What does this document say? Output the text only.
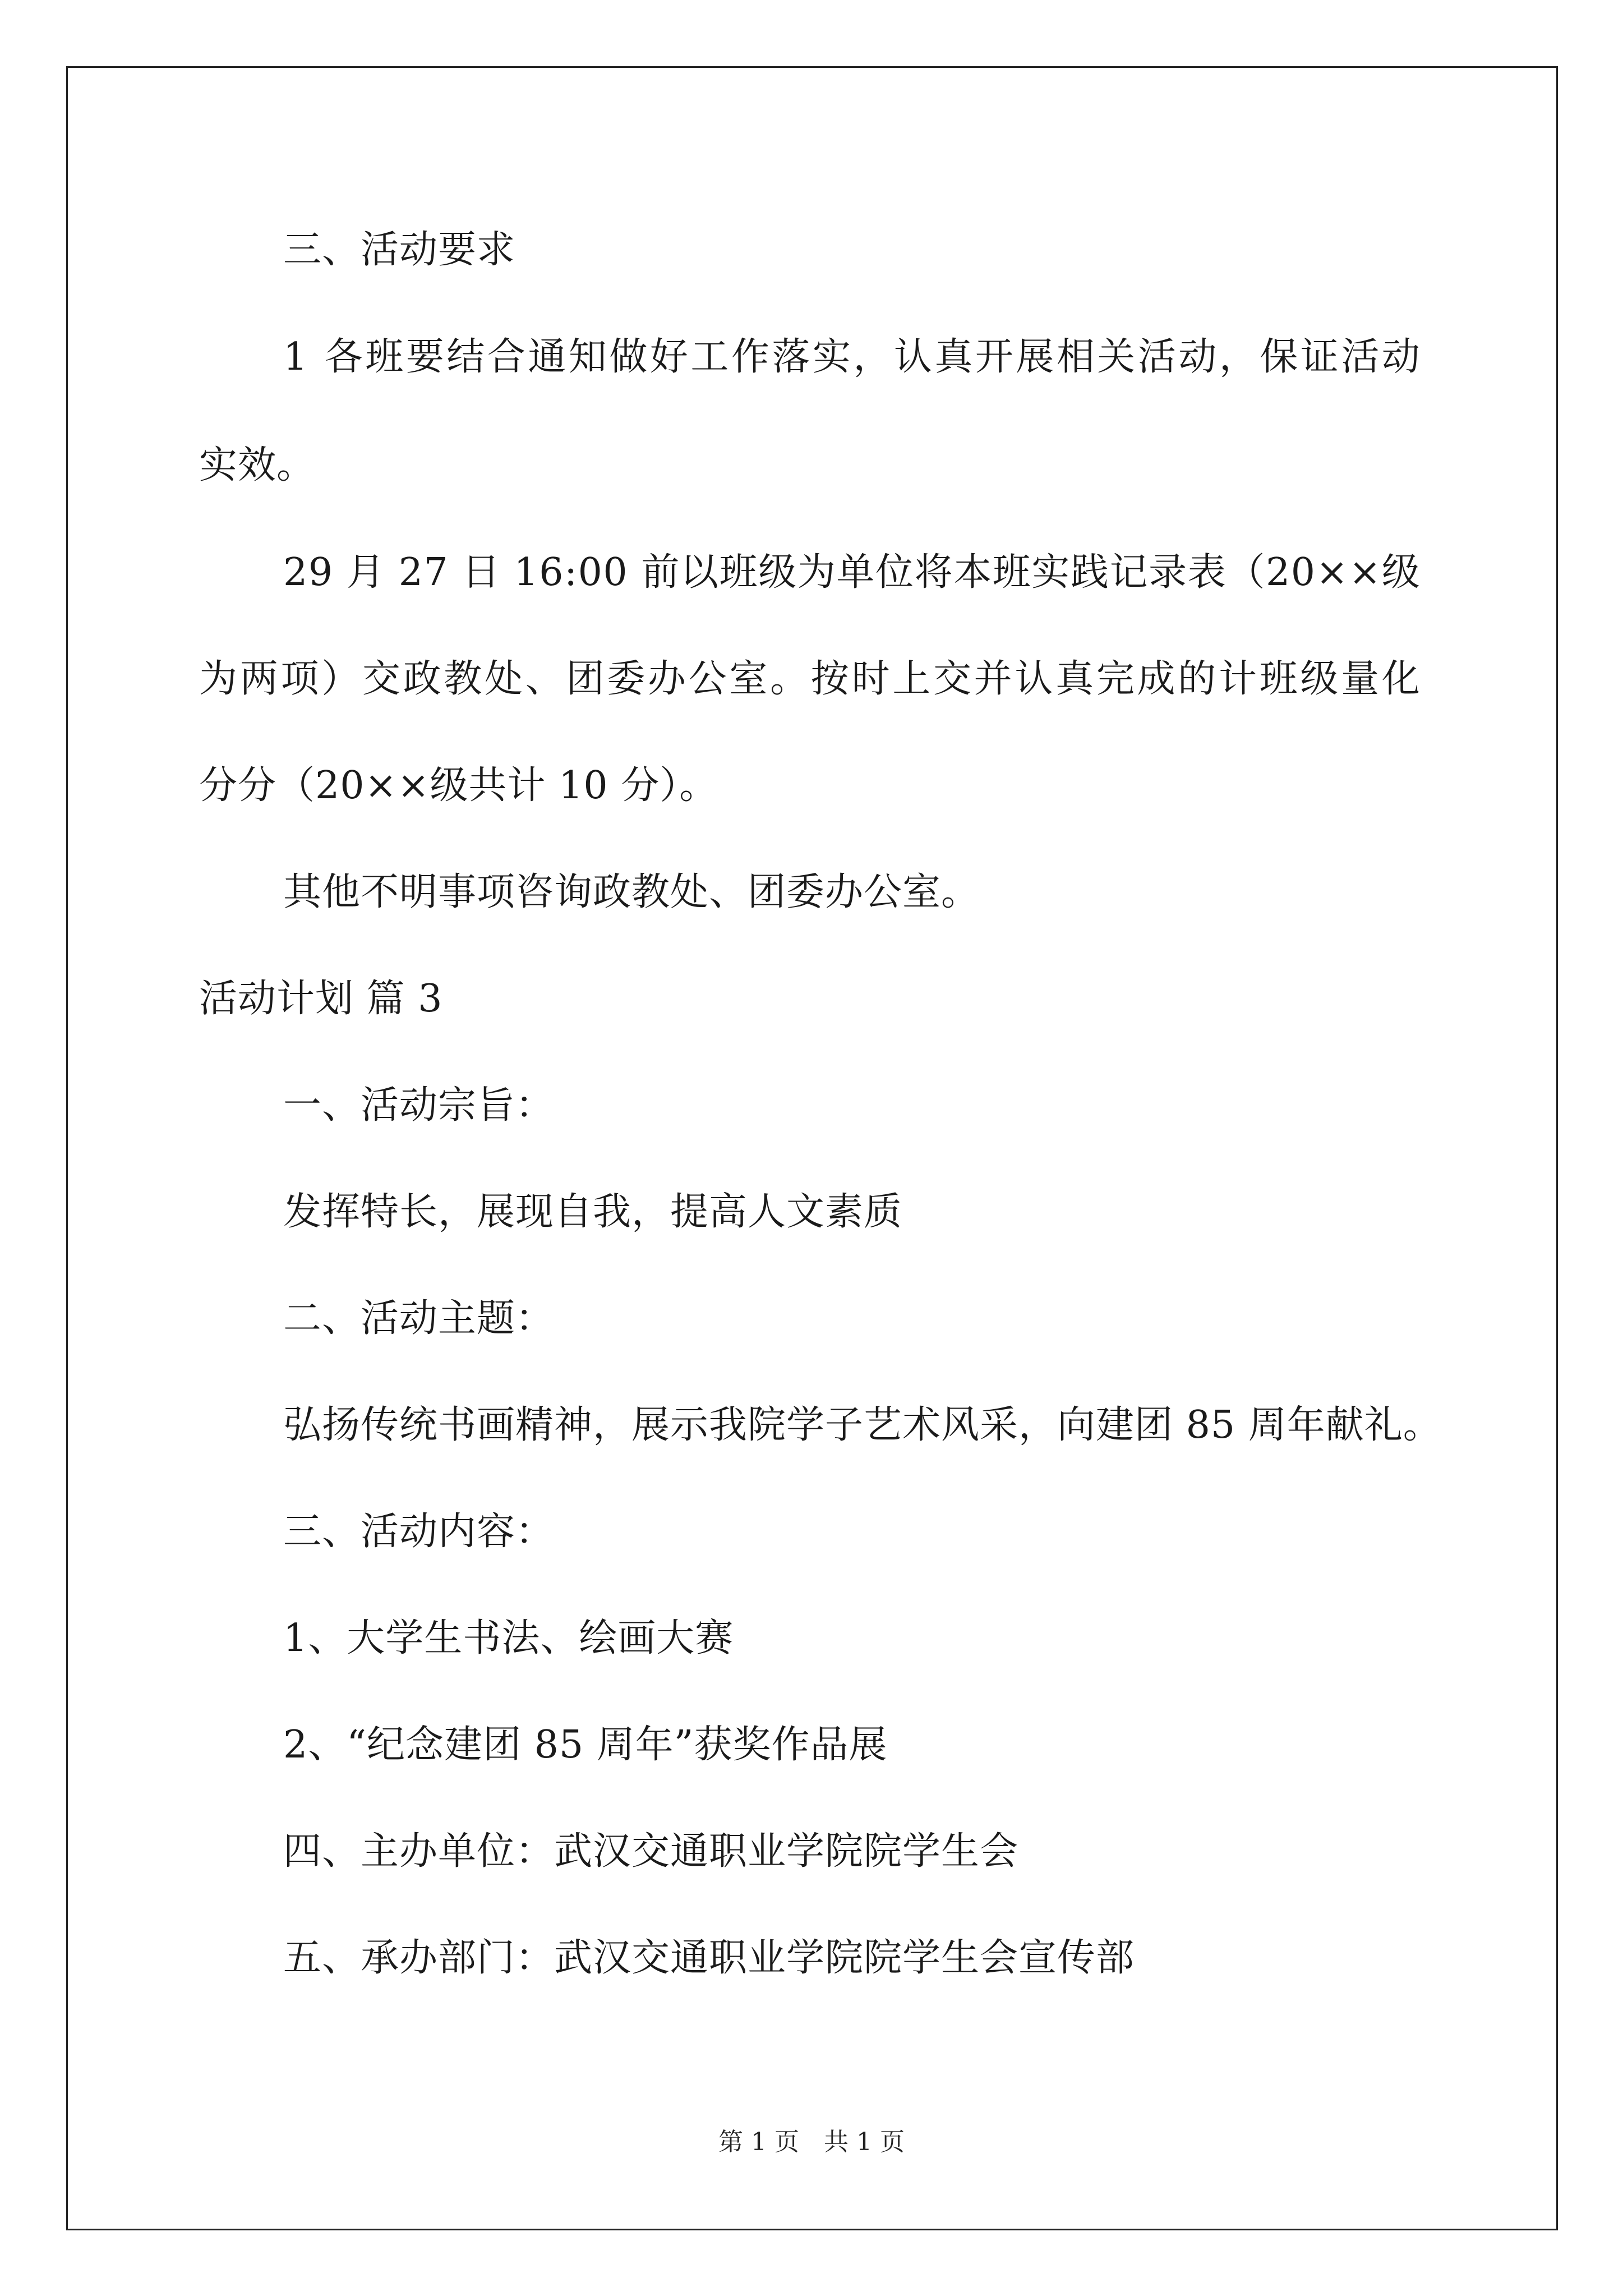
三、活动要求
1
各 班 要 结 合 通 知 做 好 工 作 落 实 ， 认 真 开 展 相 关 活 动 ， 保 证 活 动
实效。
2 9
月
2 7
日
1 6 : 0 0
前 以 班 级 为 单 位 将 本 班 实 践 记 录 表 （ 2 0 × × 级
为 两 项 ） 交 政 教 处 、 团 委 办 公 室 。 按 时 上 交 并 认 真 完 成 的 计 班 级 量 化
分分（20××级共计 10 分）。
其他不明事项咨询政教处、团委办公室。
活动计划 篇 3
一、活动宗旨：
发挥特长，展现自我，提高人文素质
二、活动主题：
弘扬传统书画精神，展示我院学子艺术风采，向建团 85 周年献礼。
三、活动内容：
1、大学生书法、绘画大赛
2、“纪念建团 85 周年”获奖作品展
四、主办单位：武汉交通职业学院院学生会
五、承办部门：武汉交通职业学院院学生会宣传部
第 1 页　共 1 页
